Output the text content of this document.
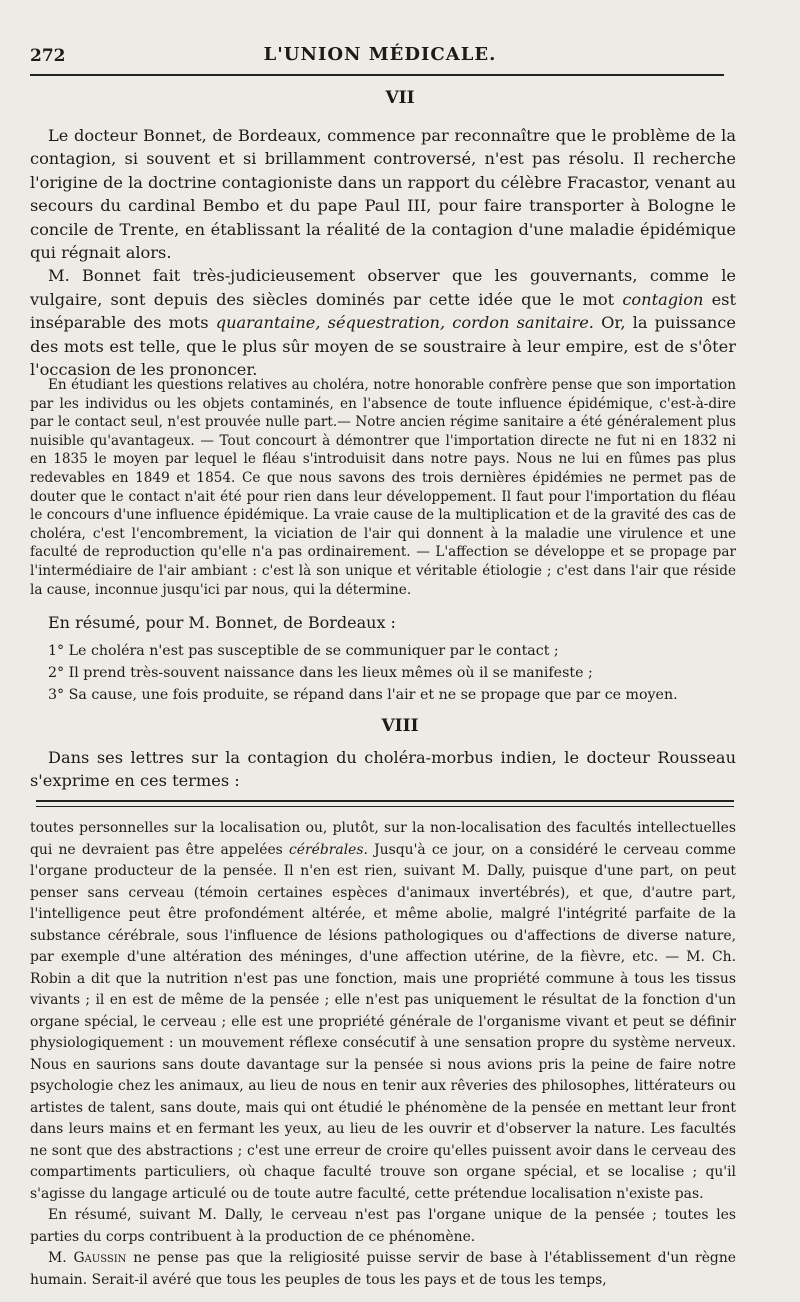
272	L'UNION MÉDICALE.
VII

Le docteur Bonnet, de Bordeaux, commence par reconnaître que le problème de la contagion, si souvent et si brillamment controversé, n'est pas résolu. Il recherche l'origine de la doctrine contagioniste dans un rapport du célèbre Fracastor, venant au secours du cardinal Bembo et du pape Paul III, pour faire transporter à Bologne le concile de Trente, en établissant la réalité de la contagion d'une maladie épidémique qui régnait alors.

M. Bonnet fait très-judicieusement observer que les gouvernants, comme le vulgaire, sont depuis des siècles dominés par cette idée que le mot contagion est inséparable des mots quarantaine, séquestration, cordon sanitaire. Or, la puissance des mots est telle, que le plus sûr moyen de se soustraire à leur empire, est de s'ôter l'occasion de les prononcer.

En étudiant les questions relatives au choléra, notre honorable confrère pense que son importation par les individus ou les objets contaminés, en l'absence de toute influence épidémique, c'est-à-dire par le contact seul, n'est prouvée nulle part.— Notre ancien régime sanitaire a été généralement plus nuisible qu'avantageux. — Tout concourt à démontrer que l'importation directe ne fut ni en 1832 ni en 1835 le moyen par lequel le fléau s'introduisit dans notre pays. Nous ne lui en fûmes pas plus redevables en 1849 et 1854. Ce que nous savons des trois dernières épidémies ne permet pas de douter que le contact n'ait été pour rien dans leur développement. Il faut pour l'importation du fléau le concours d'une influence épidémique. La vraie cause de la multiplication et de la gravité des cas de choléra, c'est l'encombrement, la viciation de l'air qui donnent à la maladie une virulence et une faculté de reproduction qu'elle n'a pas ordinairement. — L'affection se développe et se propage par l'intermédiaire de l'air ambiant : c'est là son unique et véritable étiologie ; c'est dans l'air que réside la cause, inconnue jusqu'ici par nous, qui la détermine.

En résumé, pour M. Bonnet, de Bordeaux :

1° Le choléra n'est pas susceptible de se communiquer par le contact ;
2° Il prend très-souvent naissance dans les lieux mêmes où il se manifeste ;
3° Sa cause, une fois produite, se répand dans l'air et ne se propage que par ce moyen.
VIII

Dans ses lettres sur la contagion du choléra-morbus indien, le docteur Rousseau s'exprime en ces termes :

toutes personnelles sur la localisation ou, plutôt, sur la non-localisation des facultés intellectuelles qui ne devraient pas être appelées cérébrales. Jusqu'à ce jour, on a considéré le cerveau comme l'organe producteur de la pensée. Il n'en est rien, suivant M. Dally, puisque d'une part, on peut penser sans cerveau (témoin certaines espèces d'animaux invertébrés), et que, d'autre part, l'intelligence peut être profondément altérée, et même abolie, malgré l'intégrité parfaite de la substance cérébrale, sous l'influence de lésions pathologiques ou d'affections de diverse nature, par exemple d'une altération des méninges, d'une affection utérine, de la fièvre, etc. — M. Ch. Robin a dit que la nutrition n'est pas une fonction, mais une propriété commune à tous les tissus vivants ; il en est de même de la pensée ; elle n'est pas uniquement le résultat de la fonction d'un organe spécial, le cerveau ; elle est une propriété générale de l'organisme vivant et peut se définir physiologiquement : un mouvement réflexe consécutif à une sensation propre du système nerveux. Nous en saurions sans doute davantage sur la pensée si nous avions pris la peine de faire notre psychologie chez les animaux, au lieu de nous en tenir aux rêveries des philosophes, littérateurs ou artistes de talent, sans doute, mais qui ont étudié le phénomène de la pensée en mettant leur front dans leurs mains et en fermant les yeux, au lieu de les ouvrir et d'observer la nature. Les facultés ne sont que des abstractions ; c'est une erreur de croire qu'elles puissent avoir dans le cerveau des compartiments particuliers, où chaque faculté trouve son organe spécial, et se localise ; qu'il s'agisse du langage articulé ou de toute autre faculté, cette prétendue localisation n'existe pas.

En résumé, suivant M. Dally, le cerveau n'est pas l'organe unique de la pensée ; toutes les parties du corps contribuent à la production de ce phénomène.

M. Gaussin ne pense pas que la religiosité puisse servir de base à l'établissement d'un règne humain. Serait-il avéré que tous les peuples de tous les pays et de tous les temps,
